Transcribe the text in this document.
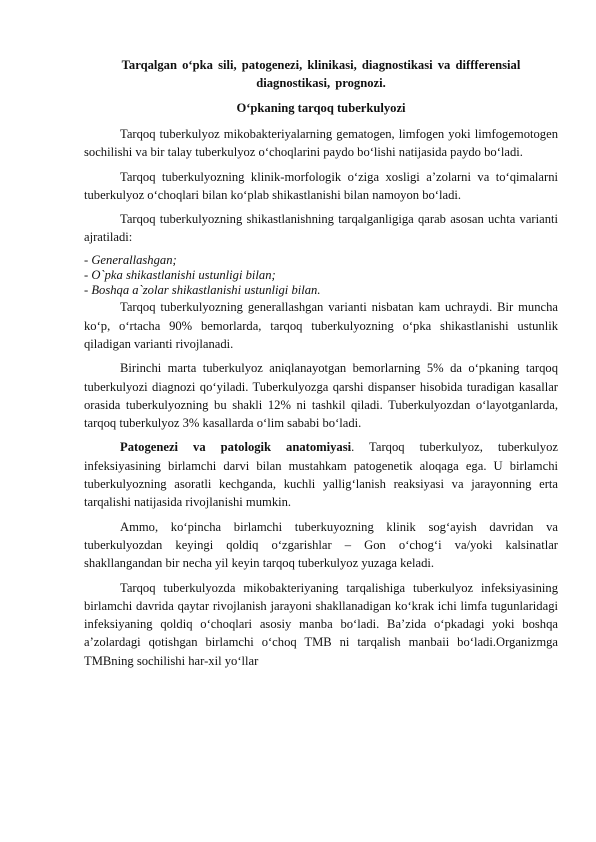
Tarqalgan o‘pka sili, patogenezi, klinikasi, diagnostikasi va diffferensial diagnostikasi, prognozi.
O‘pkaning tarqoq tuberkulyozi

Tarqoq tuberkulyoz mikobakteriyalarning gematogen, limfogen yoki limfogemotogen sochilishi va bir talay tuberkulyoz o‘choqlarini paydo bo‘lishi natijasida paydo bo‘ladi.

Tarqoq tuberkulyozning klinik-morfologik o‘ziga xosligi a’zolarni va to‘qimalarni tuberkulyoz o‘choqlari bilan ko‘plab shikastlanishi bilan namoyon bo‘ladi.

Tarqoq tuberkulyozning shikastlanishning tarqalganligiga qarab asosan uchta varianti ajratiladi:

- Generallashgan;
- O`pka shikastlanishi ustunligi bilan;
- Boshqa a`zolar shikastlanishi ustunligi bilan.

Tarqoq tuberkulyozning generallashgan varianti nisbatan kam uchraydi. Bir muncha ko‘p, o‘rtacha 90% bemorlarda, tarqoq tuberkulyozning o‘pka shikastlanishi ustunlik qiladigan varianti rivojlanadi.

Birinchi marta tuberkulyoz aniqlanayotgan bemorlarning 5% da o‘pkaning tarqoq tuberkulyozi diagnozi qo‘yiladi. Tuberkulyozga qarshi dispanser hisobida turadigan kasallar orasida tuberkulyozning bu shakli 12% ni tashkil qiladi. Tuberkulyozdan o‘layotganlarda, tarqoq tuberkulyoz 3% kasallarda o‘lim sababi bo‘ladi.

Patogenezi va patologik anatomiyasi. Tarqoq tuberkulyoz, tuberkulyoz infeksiyasining birlamchi darvi bilan mustahkam patogenetik aloqaga ega. U birlamchi tuberkulyozning asoratli kechganda, kuchli yallig‘lanish reaksiyasi va jarayonning erta tarqalishi natijasida rivojlanishi mumkin.

Ammo, ko‘pincha birlamchi tuberkuyozning klinik sog‘ayish davridan va tuberkulyozdan keyingi qoldiq o‘zgarishlar – Gon o‘chog‘i va/yoki kalsinatlar shakllangandan bir necha yil keyin tarqoq tuberkulyoz yuzaga keladi.

Tarqoq tuberkulyozda mikobakteriyaning tarqalishiga tuberkulyoz infeksiyasining birlamchi davrida qaytar rivojlanish jarayoni shakllanadigan ko‘krak ichi limfa tugunlaridagi infeksiyaning qoldiq o‘choqlari asosiy manba bo‘ladi. Ba’zida o‘pkadagi yoki boshqa a’zolardagi qotishgan birlamchi o‘choq TMB ni tarqalish manbaii bo‘ladi.Organizmga TMBning sochilishi har-xil yo‘llar
